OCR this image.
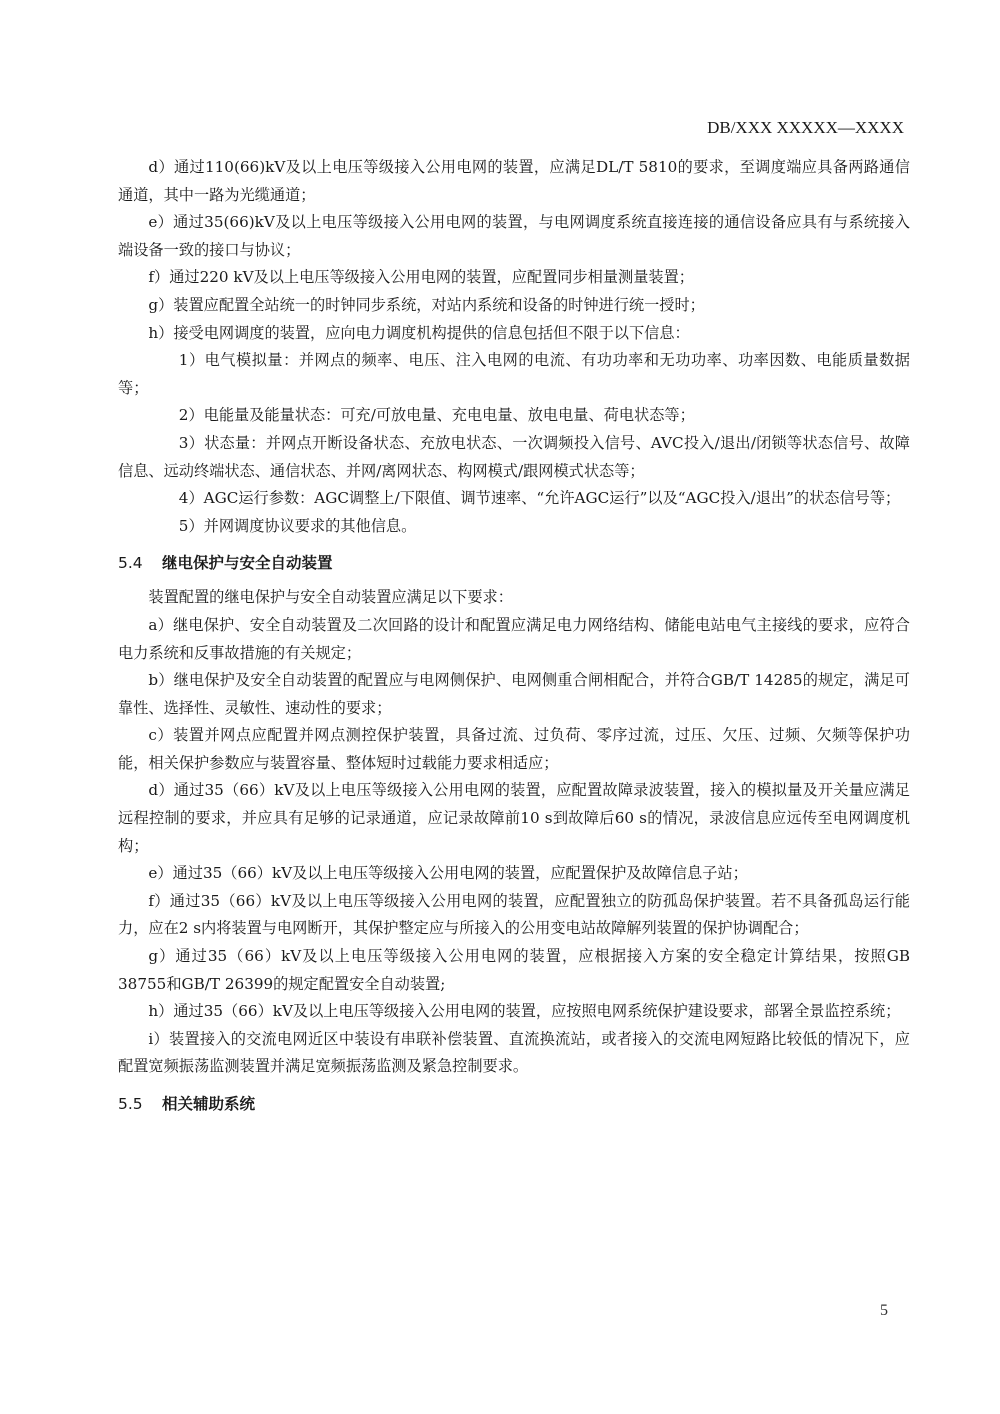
DB/XXX XXXXX—XXXX

d）通过110(66)kV及以上电压等级接入公用电网的装置，应满足DL/T 5810的要求，至调度端应具备两路通信通道，其中一路为光缆通道；

e）通过35(66)kV及以上电压等级接入公用电网的装置，与电网调度系统直接连接的通信设备应具有与系统接入端设备一致的接口与协议；

f）通过220 kV及以上电压等级接入公用电网的装置，应配置同步相量测量装置；

g）装置应配置全站统一的时钟同步系统，对站内系统和设备的时钟进行统一授时；

h）接受电网调度的装置，应向电力调度机构提供的信息包括但不限于以下信息：

1）电气模拟量：并网点的频率、电压、注入电网的电流、有功功率和无功功率、功率因数、电能质量数据等；

2）电能量及能量状态：可充/可放电量、充电电量、放电电量、荷电状态等；

3）状态量：并网点开断设备状态、充放电状态、一次调频投入信号、AVC投入/退出/闭锁等状态信号、故障信息、远动终端状态、通信状态、并网/离网状态、构网模式/跟网模式状态等；

4）AGC运行参数：AGC调整上/下限值、调节速率、“允许AGC运行”以及“AGC投入/退出”的状态信号等；

5）并网调度协议要求的其他信息。

5.4 继电保护与安全自动装置

装置配置的继电保护与安全自动装置应满足以下要求：

a）继电保护、安全自动装置及二次回路的设计和配置应满足电力网络结构、储能电站电气主接线的要求，应符合电力系统和反事故措施的有关规定；

b）继电保护及安全自动装置的配置应与电网侧保护、电网侧重合闸相配合，并符合GB/T 14285的规定，满足可靠性、选择性、灵敏性、速动性的要求；

c）装置并网点应配置并网点测控保护装置，具备过流、过负荷、零序过流，过压、欠压、过频、欠频等保护功能，相关保护参数应与装置容量、整体短时过载能力要求相适应；

d）通过35（66）kV及以上电压等级接入公用电网的装置，应配置故障录波装置，接入的模拟量及开关量应满足远程控制的要求，并应具有足够的记录通道，应记录故障前10 s到故障后60 s的情况，录波信息应远传至电网调度机构；

e）通过35（66）kV及以上电压等级接入公用电网的装置，应配置保护及故障信息子站；

f）通过35（66）kV及以上电压等级接入公用电网的装置，应配置独立的防孤岛保护装置。若不具备孤岛运行能力，应在2 s内将装置与电网断开，其保护整定应与所接入的公用变电站故障解列装置的保护协调配合；

g）通过35（66）kV及以上电压等级接入公用电网的装置，应根据接入方案的安全稳定计算结果，按照GB 38755和GB/T 26399的规定配置安全自动装置;

h）通过35（66）kV及以上电压等级接入公用电网的装置，应按照电网系统保护建设要求，部署全景监控系统；

i）装置接入的交流电网近区中装设有串联补偿装置、直流换流站，或者接入的交流电网短路比较低的情况下，应配置宽频振荡监测装置并满足宽频振荡监测及紧急控制要求。

5.5 相关辅助系统
5
